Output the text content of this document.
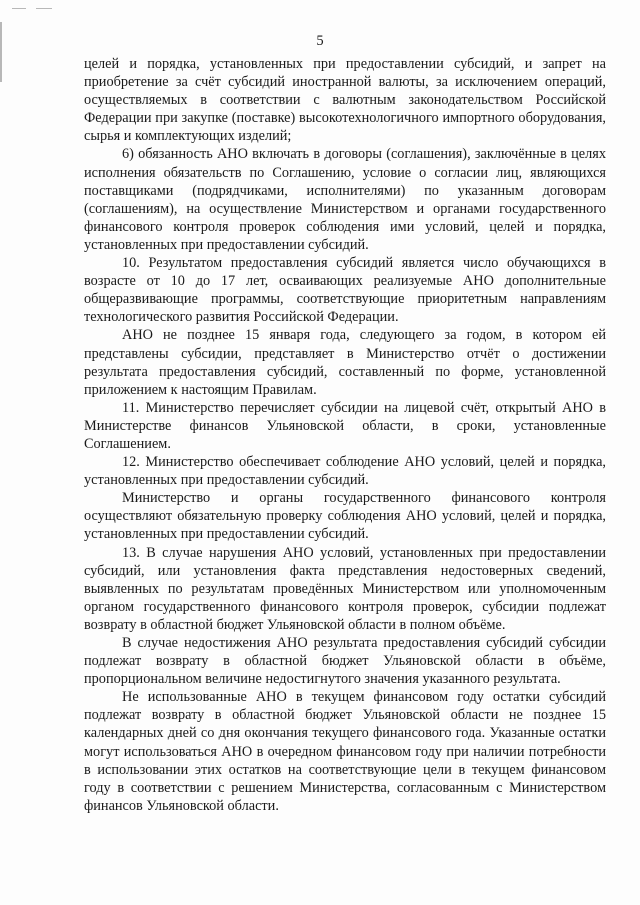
5

целей и порядка, установленных при предоставлении субсидий, и запрет на приобретение за счёт субсидий иностранной валюты, за исключением операций, осуществляемых в соответствии с валютным законодательством Российской Федерации при закупке (поставке) высокотехнологичного импортного оборудования, сырья и комплектующих изделий;

6) обязанность АНО включать в договоры (соглашения), заключённые в целях исполнения обязательств по Соглашению, условие о согласии лиц, являющихся поставщиками (подрядчиками, исполнителями) по указанным договорам (соглашениям), на осуществление Министерством и органами государственного финансового контроля проверок соблюдения ими условий, целей и порядка, установленных при предоставлении субсидий.

10. Результатом предоставления субсидий является число обучающихся в возрасте от 10 до 17 лет, осваивающих реализуемые АНО дополнительные общеразвивающие программы, соответствующие приоритетным направлениям технологического развития Российской Федерации.

АНО не позднее 15 января года, следующего за годом, в котором ей представлены субсидии, представляет в Министерство отчёт о достижении результата предоставления субсидий, составленный по форме, установленной приложением к настоящим Правилам.

11. Министерство перечисляет субсидии на лицевой счёт, открытый АНО в Министерстве финансов Ульяновской области, в сроки, установленные Соглашением.

12. Министерство обеспечивает соблюдение АНО условий, целей и порядка, установленных при предоставлении субсидий.

Министерство и органы государственного финансового контроля осуществляют обязательную проверку соблюдения АНО условий, целей и порядка, установленных при предоставлении субсидий.

13. В случае нарушения АНО условий, установленных при предоставлении субсидий, или установления факта представления недостоверных сведений, выявленных по результатам проведённых Министерством или уполномоченным органом государственного финансового контроля проверок, субсидии подлежат возврату в областной бюджет Ульяновской области в полном объёме.

В случае недостижения АНО результата предоставления субсидий субсидии подлежат возврату в областной бюджет Ульяновской области в объёме, пропорциональном величине недостигнутого значения указанного результата.

Не использованные АНО в текущем финансовом году остатки субсидий подлежат возврату в областной бюджет Ульяновской области не позднее 15 календарных дней со дня окончания текущего финансового года. Указанные остатки могут использоваться АНО в очередном финансовом году при наличии потребности в использовании этих остатков на соответствующие цели в текущем финансовом году в соответствии с решением Министерства, согласованным с Министерством финансов Ульяновской области.
